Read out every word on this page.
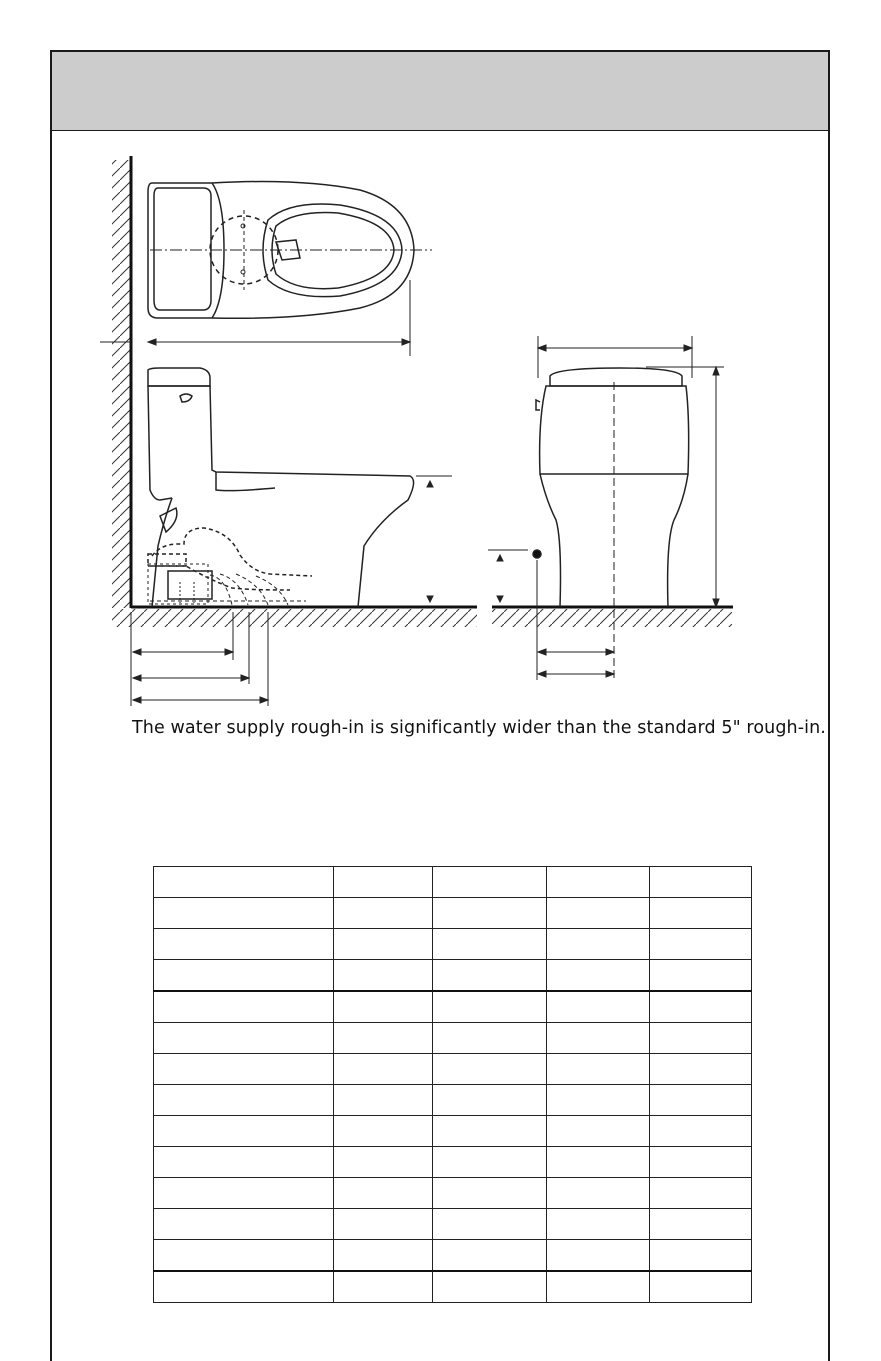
The water supply rough-in is significantly wider than the standard 5" rough-in.
